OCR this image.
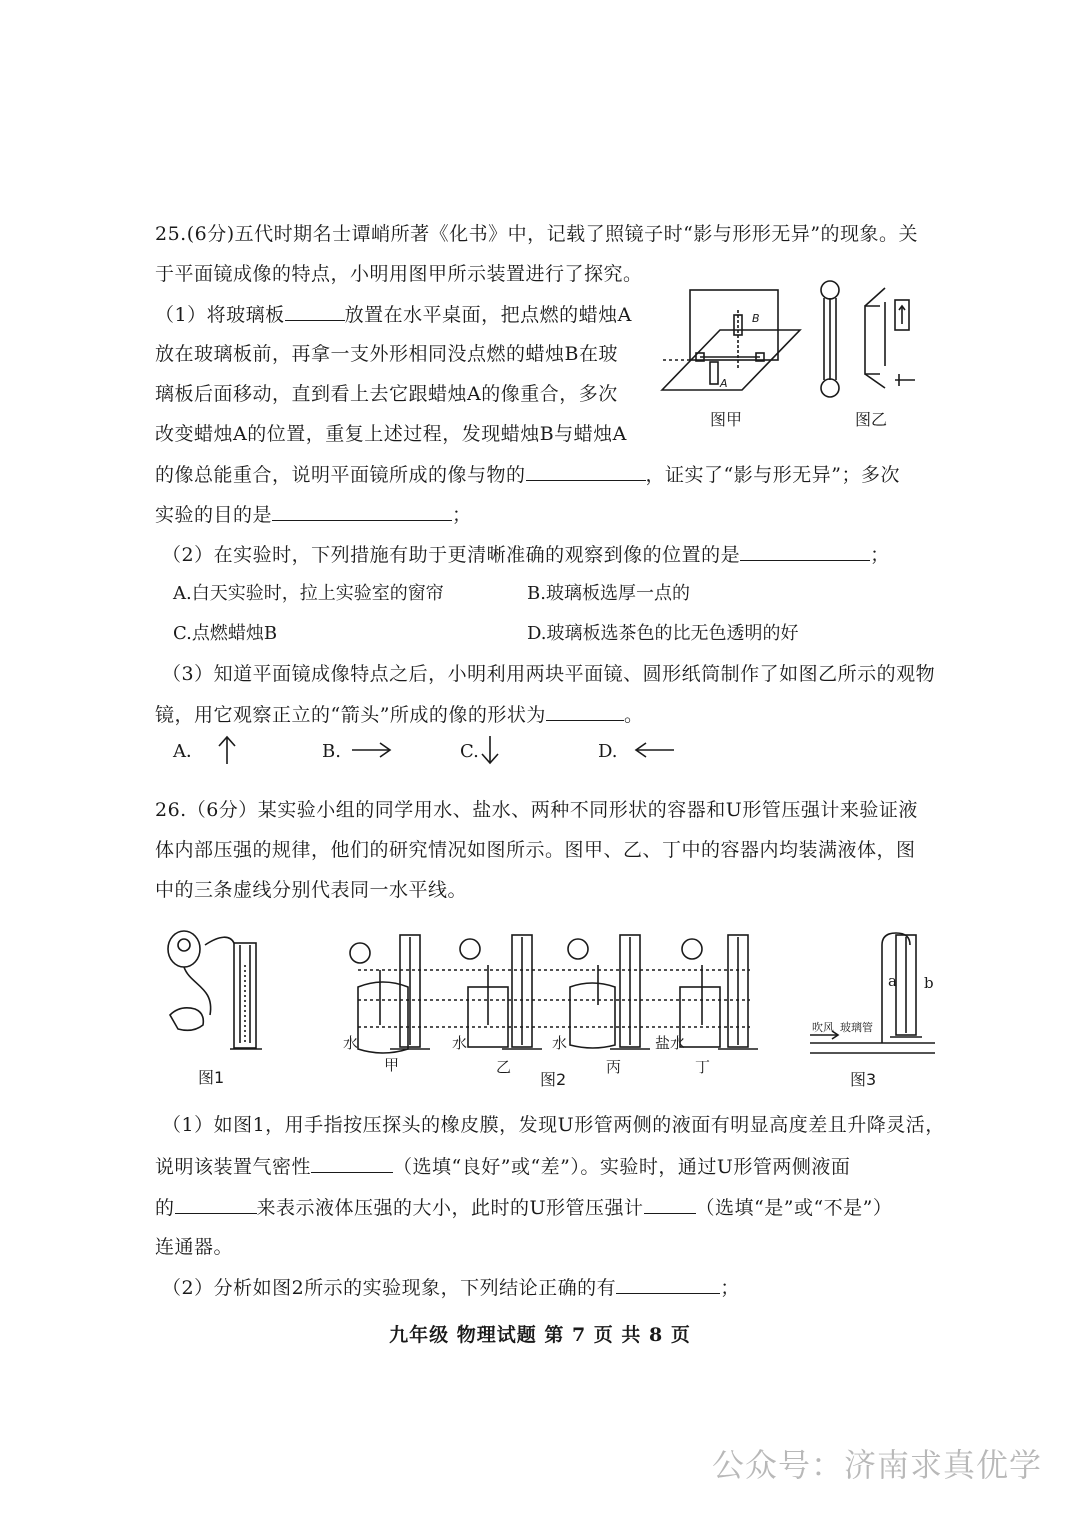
25.(6分)五代时期名士谭峭所著《化书》中，记载了照镜子时“影与形形无异”的现象。关
于平面镜成像的特点，小明用图甲所示装置进行了探究。
（1）将玻璃板	放置在水平桌面，把点燃的蜡烛A
放在玻璃板前，再拿一支外形相同没点燃的蜡烛B在玻
璃板后面移动，直到看上去它跟蜡烛A的像重合，多次
改变蜡烛A的位置，重复上述过程，发现蜡烛B与蜡烛A
的像总能重合，说明平面镜所成的像与物的	，证实了“影与形无异”；多次
实验的目的是	；
（2）在实验时，下列措施有助于更清晰准确的观察到像的位置的是	；
A.白天实验时，拉上实验室的窗帘	B.玻璃板选厚一点的
C.点燃蜡烛B	D.玻璃板选茶色的比无色透明的好
（3）知道平面镜成像特点之后，小明利用两块平面镜、圆形纸筒制作了如图乙所示的观物
镜，用它观察正立的“箭头”所成的像的形状为	。
A．	B.	C.	D.
B
A
图甲	图乙
26.（6分）某实验小组的同学用水、盐水、两种不同形状的容器和U形管压强计来验证液
体内部压强的规律，他们的研究情况如图所示。图甲、乙、丁中的容器内均装满液体，图
中的三条虚线分别代表同一水平线。
图1
水	水	水	盐水
甲	乙	丙	丁
图2
a b
玻璃管
吹风
图3
（1）如图1，用手指按压探头的橡皮膜，发现U形管两侧的液面有明显高度差且升降灵活，
说明该装置气密性	（选填“良好”或“差”）。实验时，通过U形管两侧液面
的	来表示液体压强的大小，此时的U形管压强计	（选填“是”或“不是”）
连通器。
（2）分析如图2所示的实验现象，下列结论正确的有	；
九年级 物理试题 第 7 页 共 8 页
公众号：济南求真优学
